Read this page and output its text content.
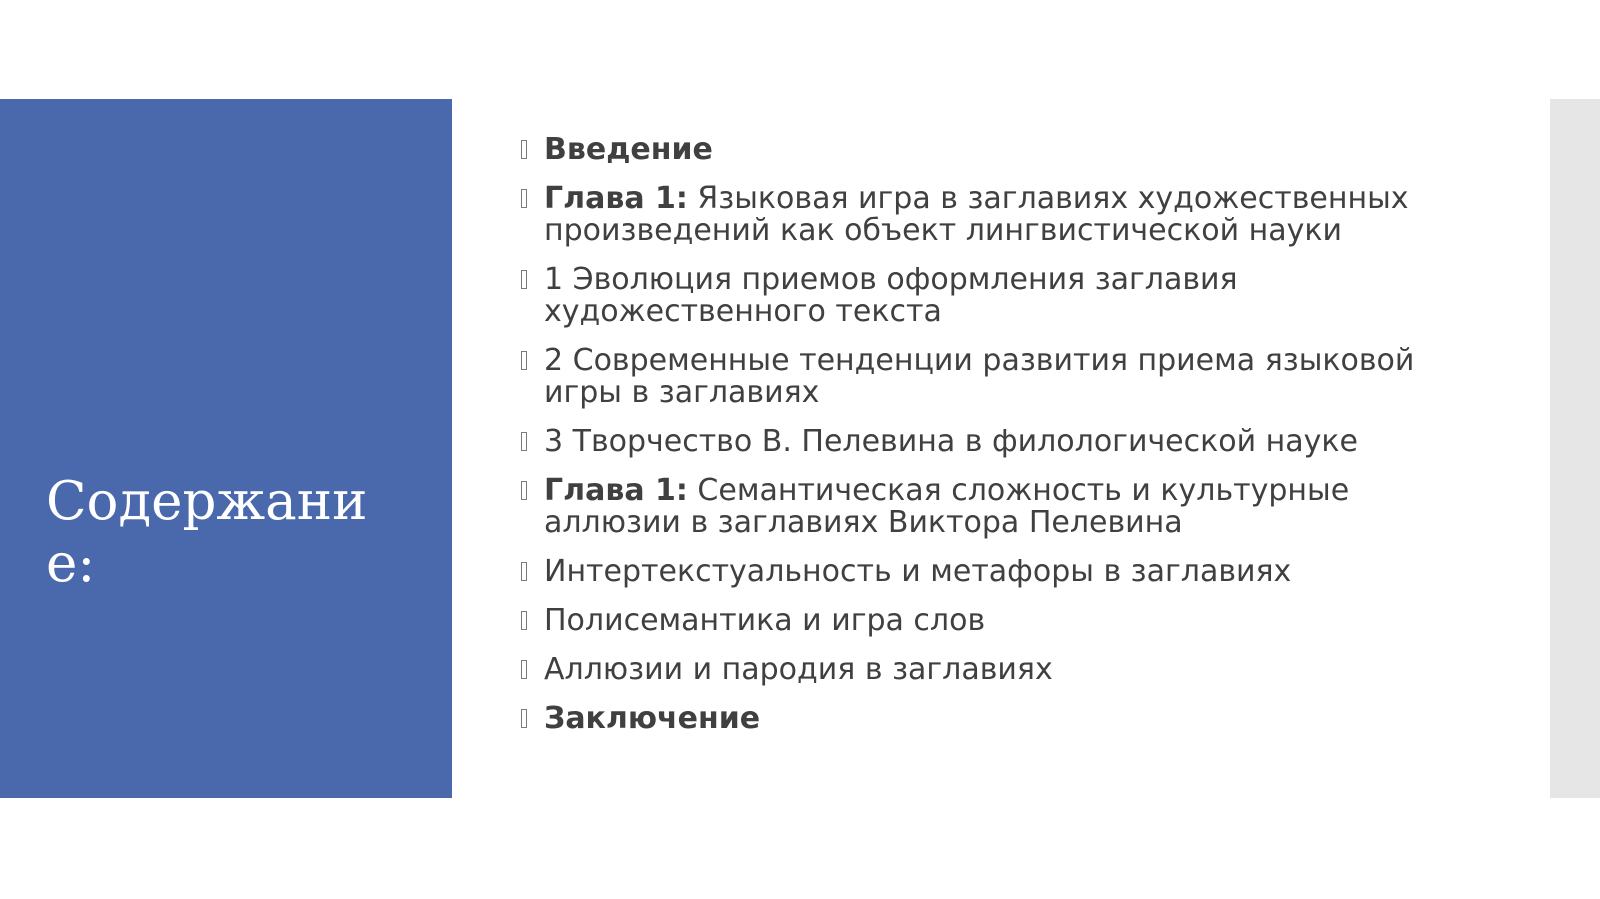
Содержание:
Введение
Глава 1: Языковая игра в заглавиях художественных произведений как объект лингвистической науки
1 Эволюция приемов оформления заглавия художественного текста
2 Современные тенденции развития приема языковой игры в заглавиях
3 Творчество В. Пелевина в филологической науке
Глава 1: Семантическая сложность и культурные аллюзии в заглавиях Виктора Пелевина
Интертекстуальность и метафоры в заглавиях
Полисемантика и игра слов
Аллюзии и пародия в заглавиях
Заключение
